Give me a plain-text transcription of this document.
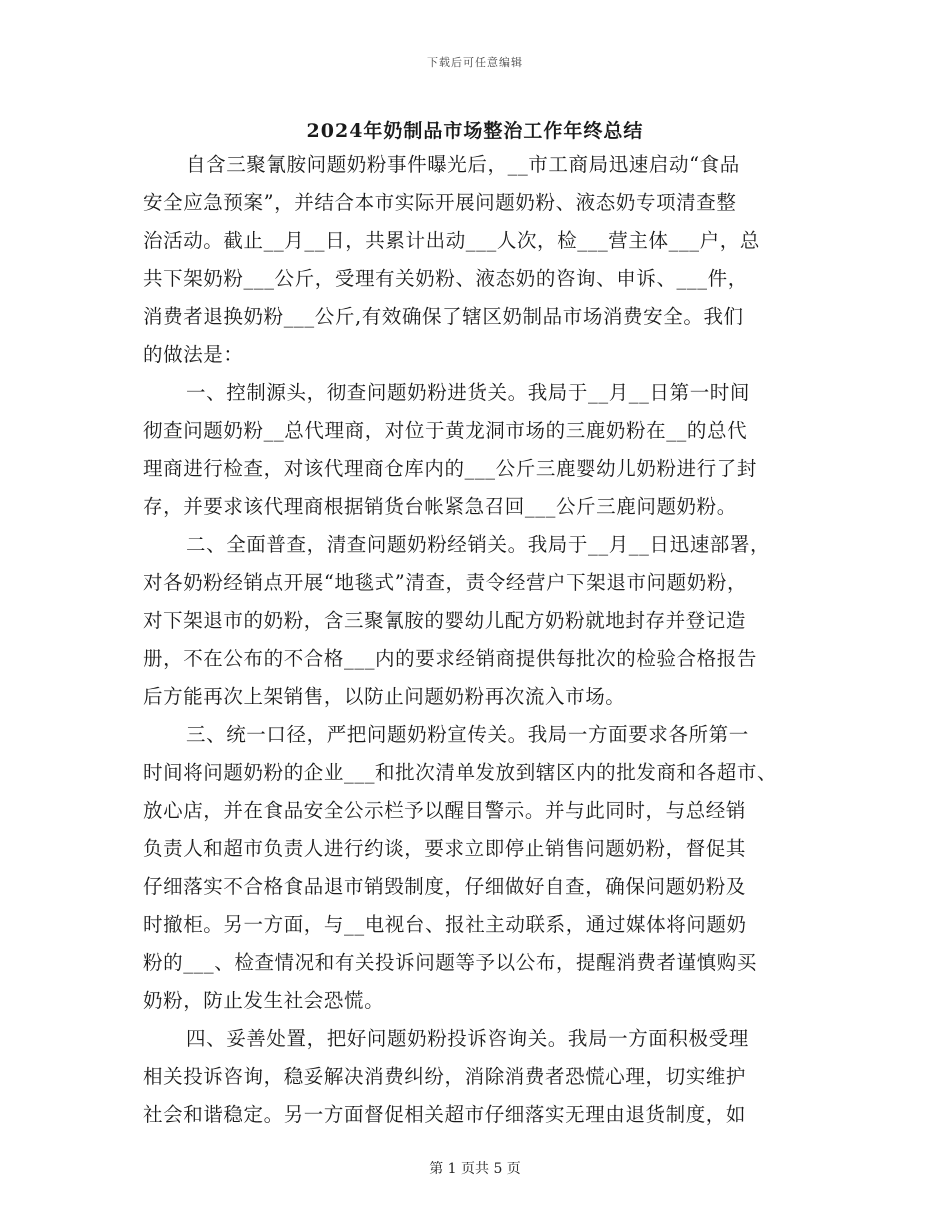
下载后可任意编辑
2024年奶制品市场整治工作年终总结
自含三聚氰胺问题奶粉事件曝光后，__市工商局迅速启动“食品
安全应急预案”，并结合本市实际开展问题奶粉、液态奶专项清查整
治活动。截止__月__日，共累计出动___人次，检___营主体___户，总
共下架奶粉___公斤，受理有关奶粉、液态奶的咨询、申诉、___件，
消费者退换奶粉___公斤,有效确保了辖区奶制品市场消费安全。我们
的做法是：
一、控制源头，彻查问题奶粉进货关。我局于__月__日第一时间
彻查问题奶粉__总代理商，对位于黄龙洞市场的三鹿奶粉在__的总代
理商进行检查，对该代理商仓库内的___公斤三鹿婴幼儿奶粉进行了封
存，并要求该代理商根据销货台帐紧急召回___公斤三鹿问题奶粉。
二、全面普查，清查问题奶粉经销关。我局于__月__日迅速部署，
对各奶粉经销点开展“地毯式”清查，责令经营户下架退市问题奶粉，
对下架退市的奶粉，含三聚氰胺的婴幼儿配方奶粉就地封存并登记造
册，不在公布的不合格___内的要求经销商提供每批次的检验合格报告
后方能再次上架销售，以防止问题奶粉再次流入市场。
三、统一口径，严把问题奶粉宣传关。我局一方面要求各所第一
时间将问题奶粉的企业___和批次清单发放到辖区内的批发商和各超市、
放心店，并在食品安全公示栏予以醒目警示。并与此同时，与总经销
负责人和超市负责人进行约谈，要求立即停止销售问题奶粉，督促其
仔细落实不合格食品退市销毁制度，仔细做好自查，确保问题奶粉及
时撤柜。另一方面，与__电视台、报社主动联系，通过媒体将问题奶
粉的___、检查情况和有关投诉问题等予以公布，提醒消费者谨慎购买
奶粉，防止发生社会恐慌。
四、妥善处置，把好问题奶粉投诉咨询关。我局一方面积极受理
相关投诉咨询，稳妥解决消费纠纷，消除消费者恐慌心理，切实维护
社会和谐稳定。另一方面督促相关超市仔细落实无理由退货制度，如
第 1 页共 5 页
